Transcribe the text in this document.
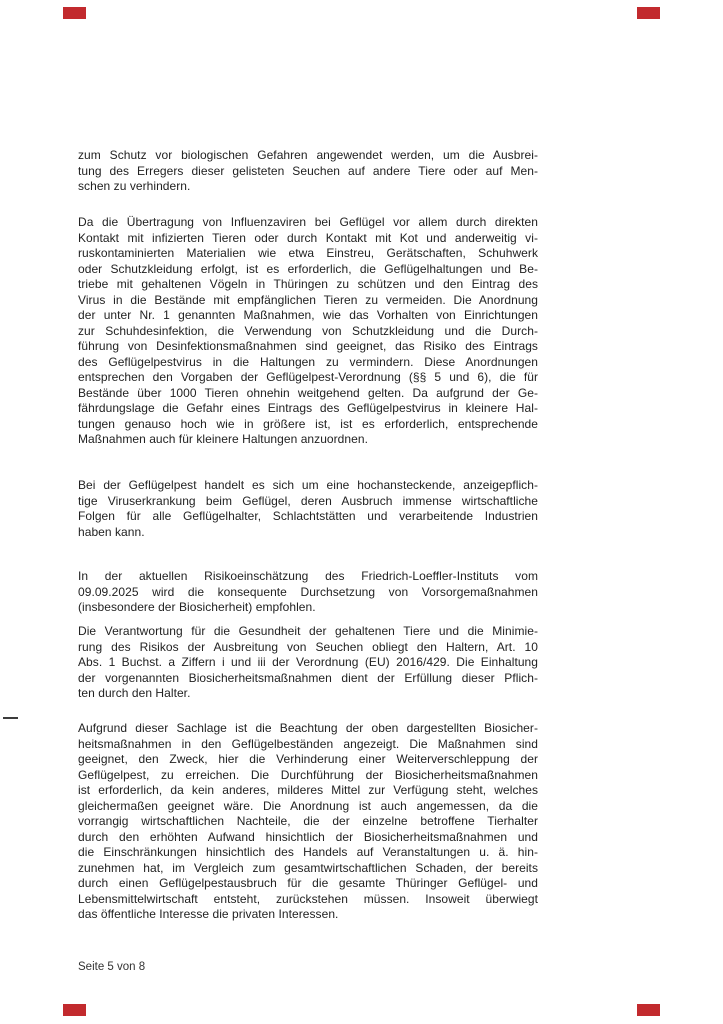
zum Schutz vor biologischen Gefahren angewendet werden, um die Ausbrei-
tung des Erregers dieser gelisteten Seuchen auf andere Tiere oder auf Men-
schen zu verhindern.
Da die Übertragung von Influenzaviren bei Geflügel vor allem durch direkten
Kontakt mit infizierten Tieren oder durch Kontakt mit Kot und anderweitig vi-
ruskontaminierten Materialien wie etwa Einstreu, Gerätschaften, Schuhwerk
oder Schutzkleidung erfolgt, ist es erforderlich, die Geflügelhaltungen und Be-
triebe mit gehaltenen Vögeln in Thüringen zu schützen und den Eintrag des
Virus in die Bestände mit empfänglichen Tieren zu vermeiden. Die Anordnung
der unter Nr. 1 genannten Maßnahmen, wie das Vorhalten von Einrichtungen
zur Schuhdesinfektion, die Verwendung von Schutzkleidung und die Durch-
führung von Desinfektionsmaßnahmen sind geeignet, das Risiko des Eintrags
des Geflügelpestvirus in die Haltungen zu vermindern. Diese Anordnungen
entsprechen den Vorgaben der Geflügelpest-Verordnung (§§ 5 und 6), die für
Bestände über 1000 Tieren ohnehin weitgehend gelten. Da aufgrund der Ge-
fährdungslage die Gefahr eines Eintrags des Geflügelpestvirus in kleinere Hal-
tungen genauso hoch wie in größere ist, ist es erforderlich, entsprechende
Maßnahmen auch für kleinere Haltungen anzuordnen.
Bei der Geflügelpest handelt es sich um eine hochansteckende, anzeigepflich-
tige Viruserkrankung beim Geflügel, deren Ausbruch immense wirtschaftliche
Folgen für alle Geflügelhalter, Schlachtstätten und verarbeitende Industrien
haben kann.
In der aktuellen Risikoeinschätzung des Friedrich-Loeffler-Instituts vom
09.09.2025 wird die konsequente Durchsetzung von Vorsorgemaßnahmen
(insbesondere der Biosicherheit) empfohlen.
Die Verantwortung für die Gesundheit der gehaltenen Tiere und die Minimie-
rung des Risikos der Ausbreitung von Seuchen obliegt den Haltern, Art. 10
Abs. 1 Buchst. a Ziffern i und iii der Verordnung (EU) 2016/429. Die Einhaltung
der vorgenannten Biosicherheitsmaßnahmen dient der Erfüllung dieser Pflich-
ten durch den Halter.
Aufgrund dieser Sachlage ist die Beachtung der oben dargestellten Biosicher-
heitsmaßnahmen in den Geflügelbeständen angezeigt. Die Maßnahmen sind
geeignet, den Zweck, hier die Verhinderung einer Weiterverschleppung der
Geflügelpest, zu erreichen. Die Durchführung der Biosicherheitsmaßnahmen
ist erforderlich, da kein anderes, milderes Mittel zur Verfügung steht, welches
gleichermaßen geeignet wäre. Die Anordnung ist auch angemessen, da die
vorrangig wirtschaftlichen Nachteile, die der einzelne betroffene Tierhalter
durch den erhöhten Aufwand hinsichtlich der Biosicherheitsmaßnahmen und
die Einschränkungen hinsichtlich des Handels auf Veranstaltungen u. ä. hin-
zunehmen hat, im Vergleich zum gesamtwirtschaftlichen Schaden, der bereits
durch einen Geflügelpestausbruch für die gesamte Thüringer Geflügel- und
Lebensmittelwirtschaft entsteht, zurückstehen müssen. Insoweit überwiegt
das öffentliche Interesse die privaten Interessen.
Seite 5 von 8
